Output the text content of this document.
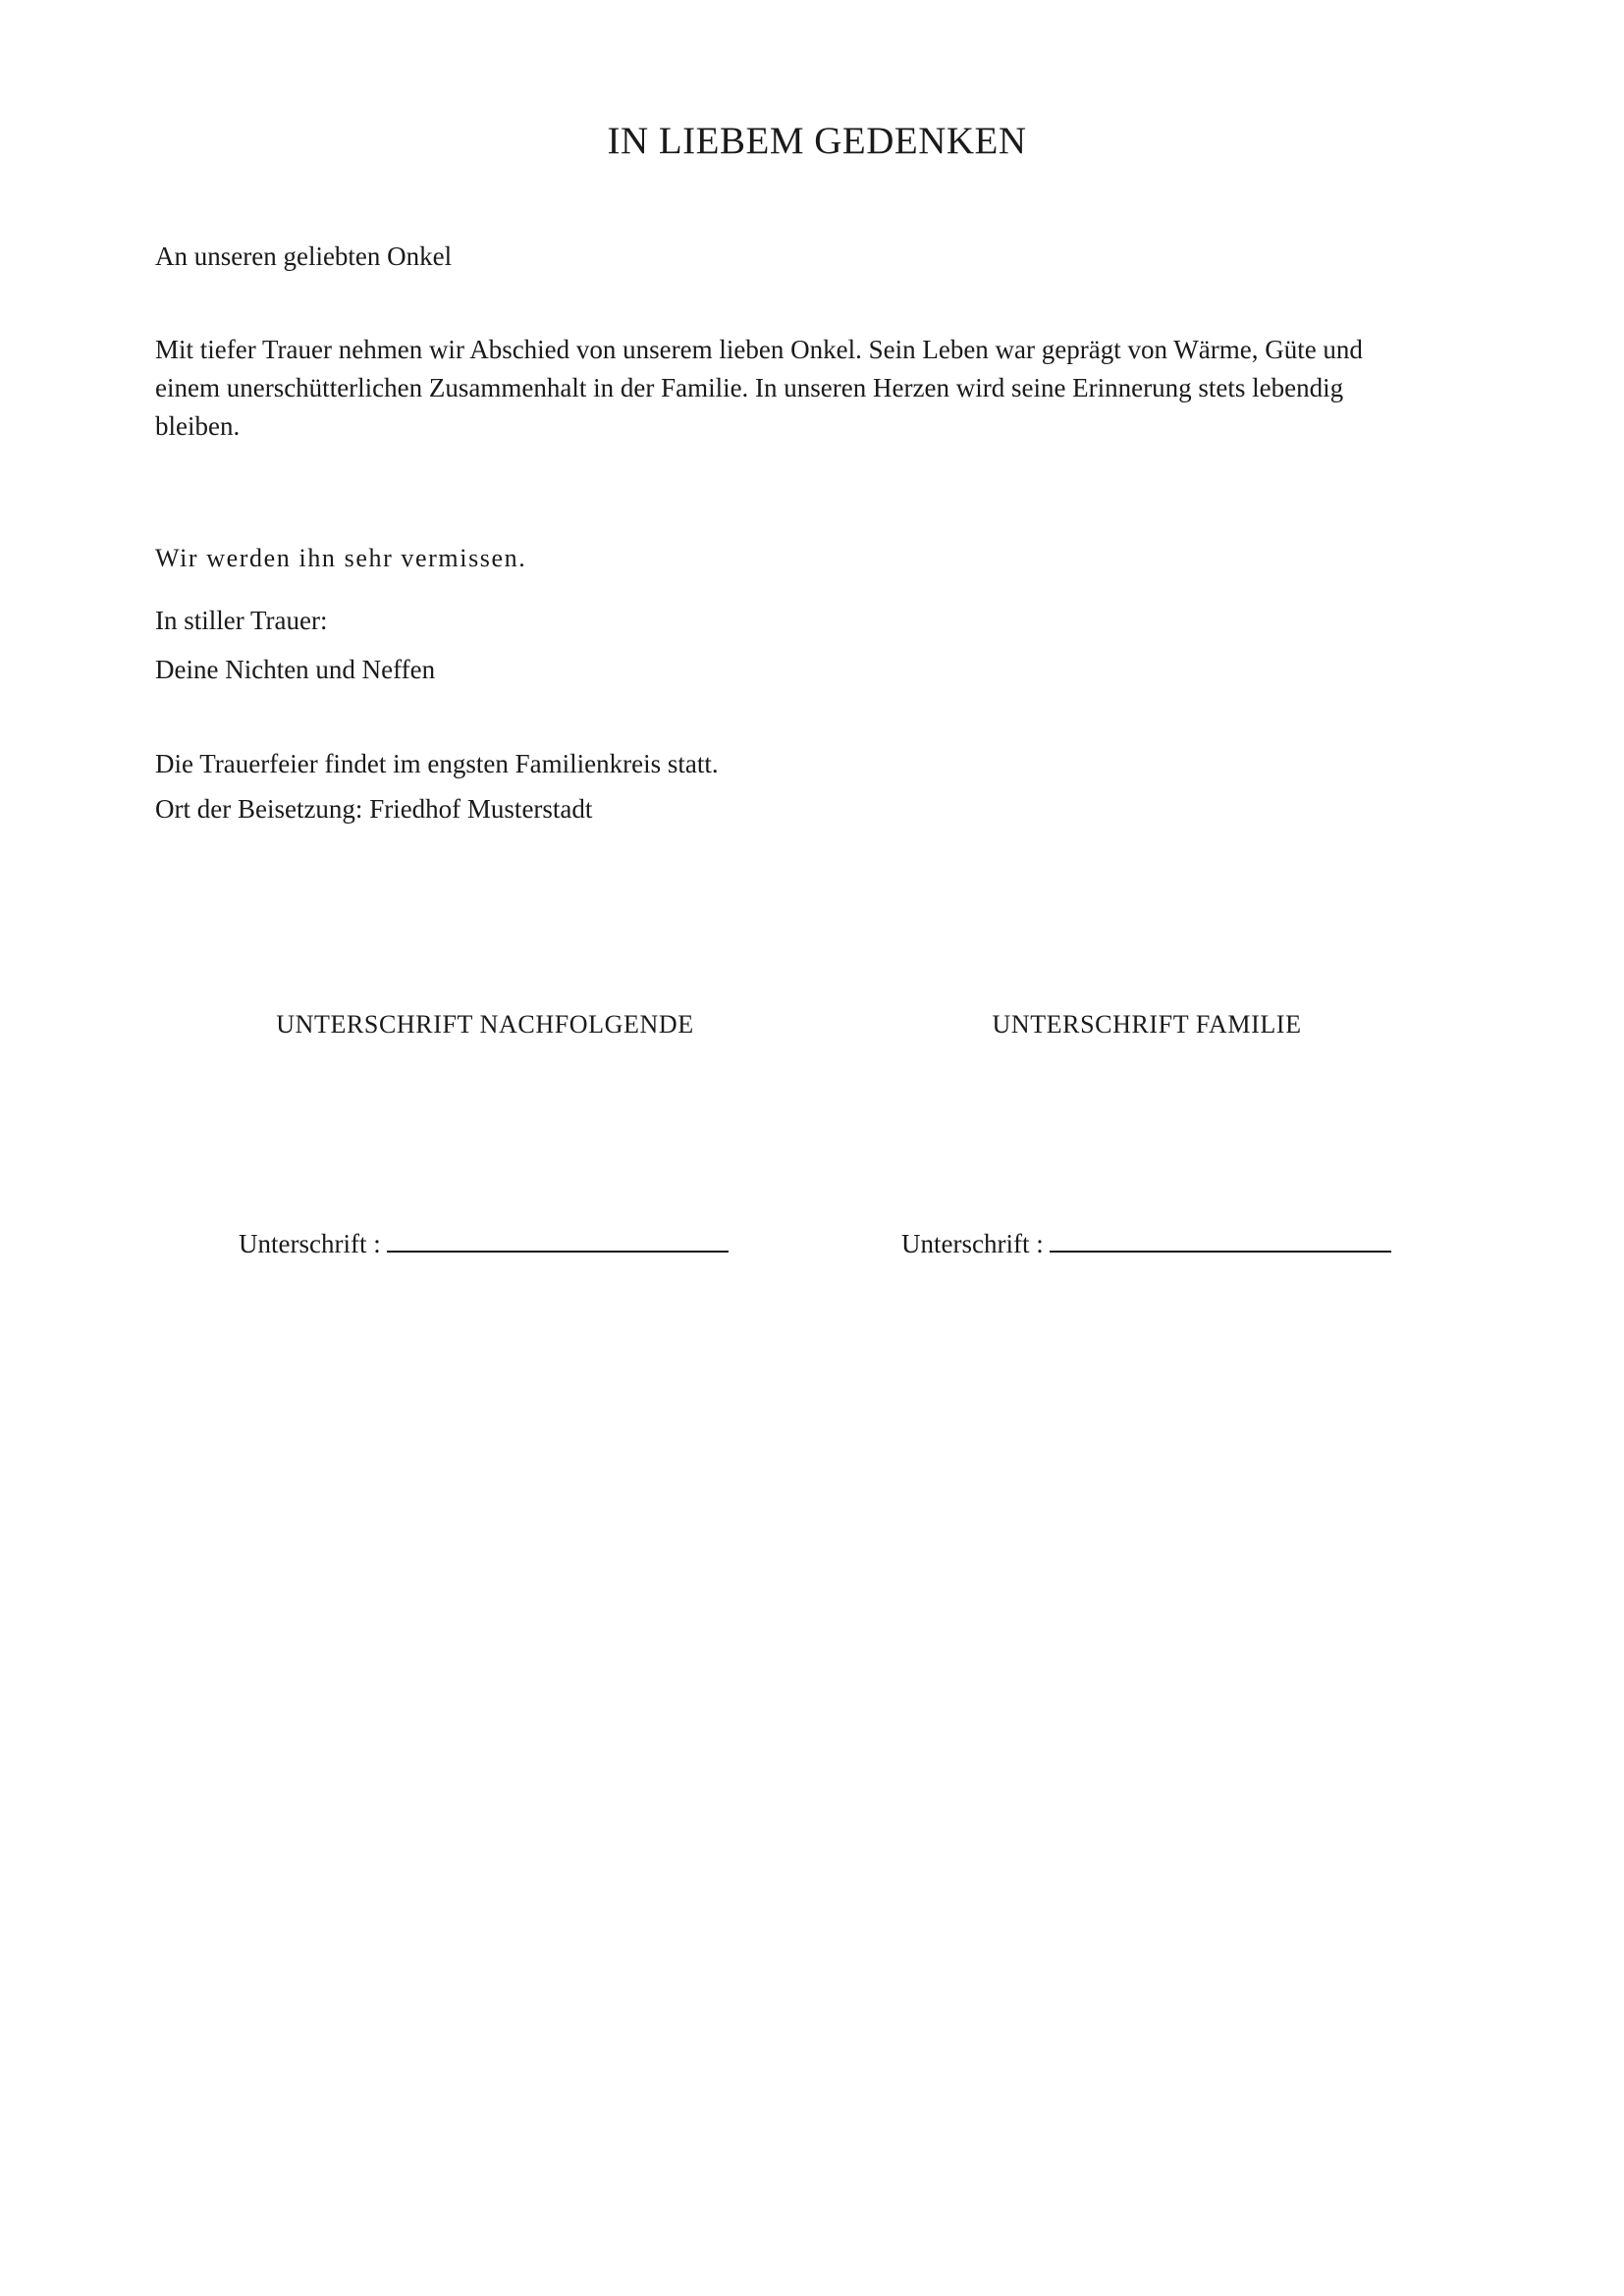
IN LIEBEM GEDENKEN
An unseren geliebten Onkel
Mit tiefer Trauer nehmen wir Abschied von unserem lieben Onkel. Sein Leben war geprägt von Wärme, Güte und einem unerschütterlichen Zusammenhalt in der Familie. In unseren Herzen wird seine Erinnerung stets lebendig bleiben.
Wir werden ihn sehr vermissen.
In stiller Trauer:
Deine Nichten und Neffen
Die Trauerfeier findet im engsten Familienkreis statt.
Ort der Beisetzung: Friedhof Musterstadt
UNTERSCHRIFT NACHFOLGENDE	UNTERSCHRIFT FAMILIE
Unterschrift :	Unterschrift :
